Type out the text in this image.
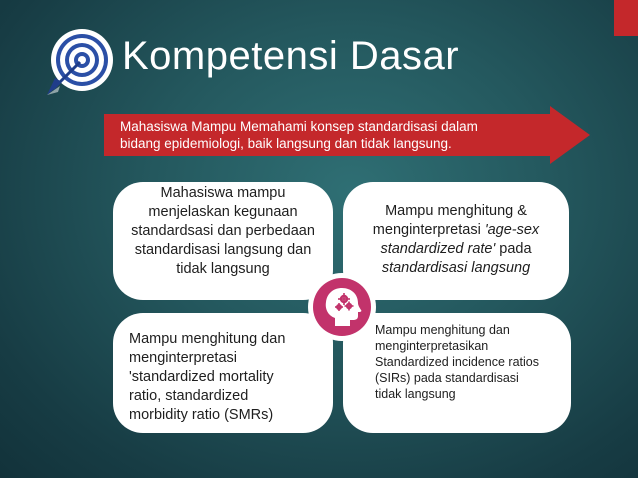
Kompetensi Dasar
Mahasiswa Mampu Memahami konsep standardisasi dalam
bidang epidemiologi, baik langsung dan tidak langsung.
Mahasiswa mampu
menjelaskan kegunaan
standardsasi dan perbedaan
standardisasi langsung dan
tidak langsung
Mampu menghitung &
menginterpretasi 'age-sex
standardized rate' pada
standardisasi langsung
Mampu menghitung dan
menginterpretasi
'standardized mortality
ratio, standardized
morbidity ratio (SMRs)
Mampu menghitung dan
menginterpretasikan
Standardized incidence ratios
(SIRs) pada standardisasi
tidak langsung
